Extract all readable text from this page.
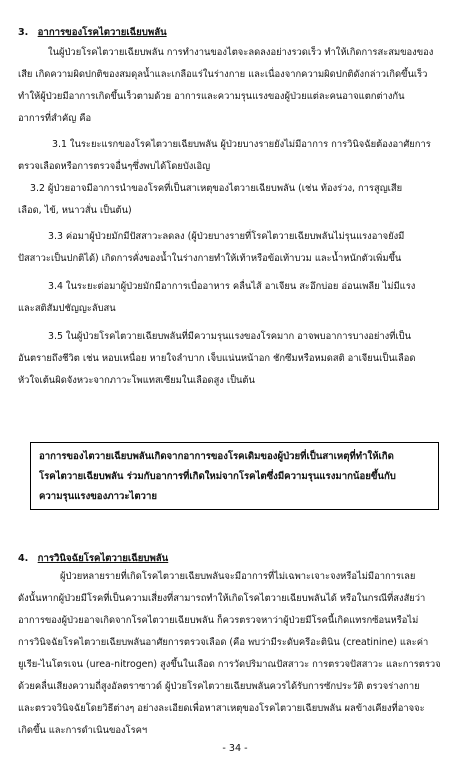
3. อาการของโรคไตวายเฉียบพลัน
ในผู้ป่วยโรคไตวายเฉียบพลัน การทำงานของไตจะลดลงอย่างรวดเร็ว ทำให้เกิดการสะสมของของ
เสีย เกิดความผิดปกติของสมดุลน้ำและเกลือแร่ในร่างกาย และเนื่องจากความผิดปกติดังกล่าวเกิดขึ้นเร็ว
ทำให้ผู้ป่วยมีอาการเกิดขึ้นเร็วตามด้วย อาการและความรุนแรงของผู้ป่วยแต่ละคนอาจแตกต่างกัน
อาการที่สำคัญ คือ
3.1 ในระยะแรกของโรคไตวายเฉียบพลัน ผู้ป่วยบางรายยังไม่มีอาการ การวินิจฉัยต้องอาศัยการ
ตรวจเลือดหรือการตรวจอื่นๆซึ่งพบได้โดยบังเอิญ
3.2 ผู้ป่วยอาจมีอาการนำของโรคที่เป็นสาเหตุของไตวายเฉียบพลัน (เช่น ท้องร่วง, การสูญเสีย
เลือด, ไข้, หนาวสั่น เป็นต้น)
3.3 ค่อมาผู้ป่วยมักมีปัสสาวะลดลง (ผู้ป่วยบางรายที่โรคไตวายเฉียบพลันไม่รุนแรงอาจยังมี
ปัสสาวะเป็นปกติได้) เกิดการคั่งของน้ำในร่างกายทำให้เท้าหรือข้อเท้าบวม และน้ำหนักตัวเพิ่มขึ้น
3.4 ในระยะต่อมาผู้ป่วยมักมีอาการเบื่ออาหาร คลื่นไส้ อาเจียน สะอึกบ่อย อ่อนเพลีย ไม่มีแรง
และสติสัมปชัญญะลับสน
3.5 ในผู้ป่วยโรคไตวายเฉียบพลันที่มีความรุนแรงของโรคมาก อาจพบอาการบางอย่างที่เป็น
อันตรายถึงชีวิต เช่น หอบเหนื่อย หายใจลำบาก เจ็บแน่นหน้าอก ชักซึมหรือหมดสติ อาเจียนเป็นเลือด
หัวใจเต้นผิดจังหวะจากภาวะโพแทสเซียมในเลือดสูง เป็นต้น
อาการของไตวายเฉียบพลันเกิดจากอาการของโรคเดิมของผู้ป่วยที่เป็นสาเหตุที่ทำให้เกิด
โรคไตวายเฉียบพลัน ร่วมกับอาการที่เกิดใหม่จากโรคไตซึ่งมีความรุนแรงมากน้อยขึ้นกับ
ความรุนแรงของภาวะไตวาย
4. การวินิจฉัยโรคไตวายเฉียบพลัน
ผู้ป่วยหลายรายที่เกิดโรคไตวายเฉียบพลันจะมีอาการที่ไม่เฉพาะเจาะจงหรือไม่มีอาการเลย
ดังนั้นหากผู้ป่วยมีโรคที่เป็นความเสี่ยงที่สามารถทำให้เกิดโรคไตวายเฉียบพลันได้ หรือในกรณีที่สงสัยว่า
อาการของผู้ป่วยอาจเกิดจากโรคไตวายเฉียบพลัน ก็ควรตรวจหาว่าผู้ป่วยมีโรคนี้เกิดแทรกซ้อนหรือไม่
การวินิจฉัยโรคไตวายเฉียบพลันอาศัยการตรวจเลือด (คือ พบว่ามีระดับครีอะตินิน (creatinine) และค่า
ยูเรีย-ไนโตรเจน (urea-nitrogen) สูงขึ้นในเลือด การวัดปริมาณปัสสาวะ การตรวจปัสสาวะ และการตรวจ
ด้วยคลื่นเสียงความถี่สูงอัลตราซาวด์ ผู้ป่วยโรคไตวายเฉียบพลันควรได้รับการซักประวัติ ตรวจร่างกาย
และตรวจวินิจฉัยโดยวิธีต่างๆ อย่างละเอียดเพื่อหาสาเหตุของโรคไตวายเฉียบพลัน ผลข้างเคียงที่อาจจะ
เกิดขึ้น และการดำเนินของโรคฯ
- 34 -
